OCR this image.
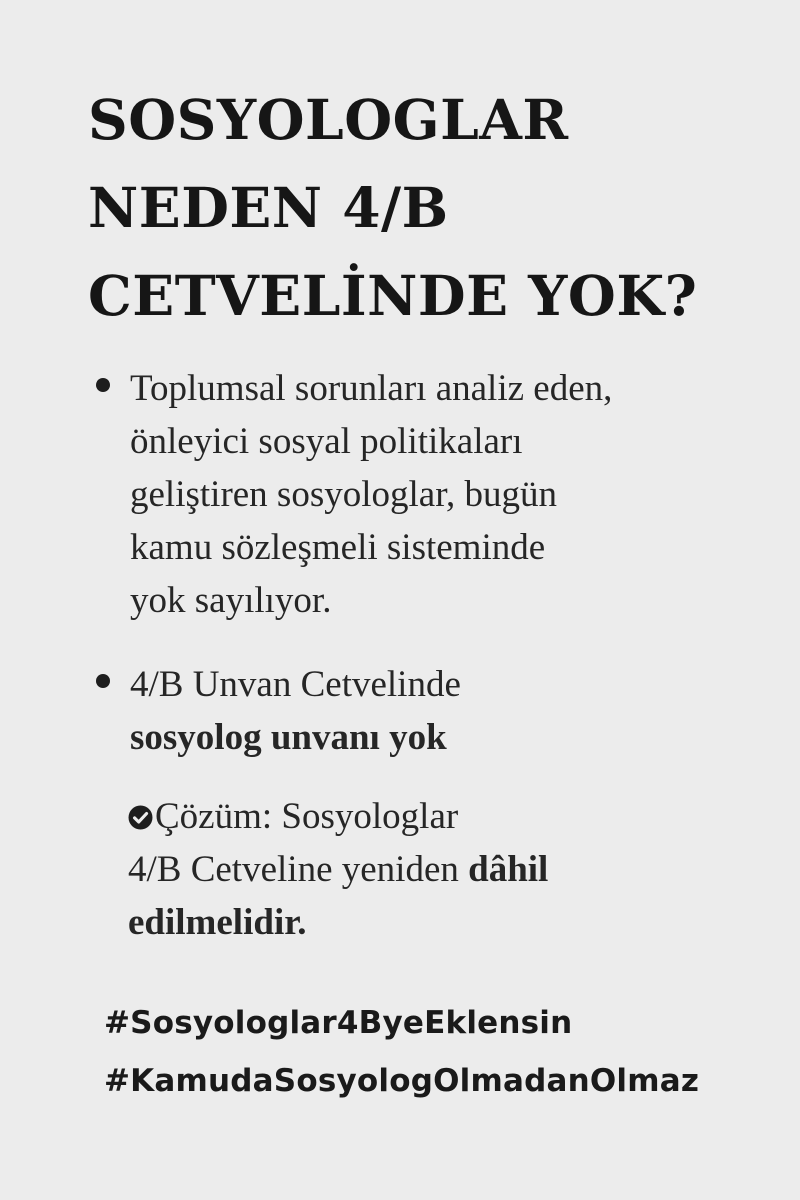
SOSYOLOGLAR
NEDEN 4/B
CETVELİNDE YOK?
Toplumsal sorunları analiz eden,
önleyici sosyal politikaları
geliştiren sosyologlar, bugün
kamu sözleşmeli sisteminde
yok sayılıyor.
4/B Unvan Cetvelinde
sosyolog unvanı yok
Çözüm: Sosyologlar
4/B Cetveline yeniden dâhil
edilmelidir.
#Sosyologlar4ByeEklensin
#KamudaSosyologOlmadanOlmaz
